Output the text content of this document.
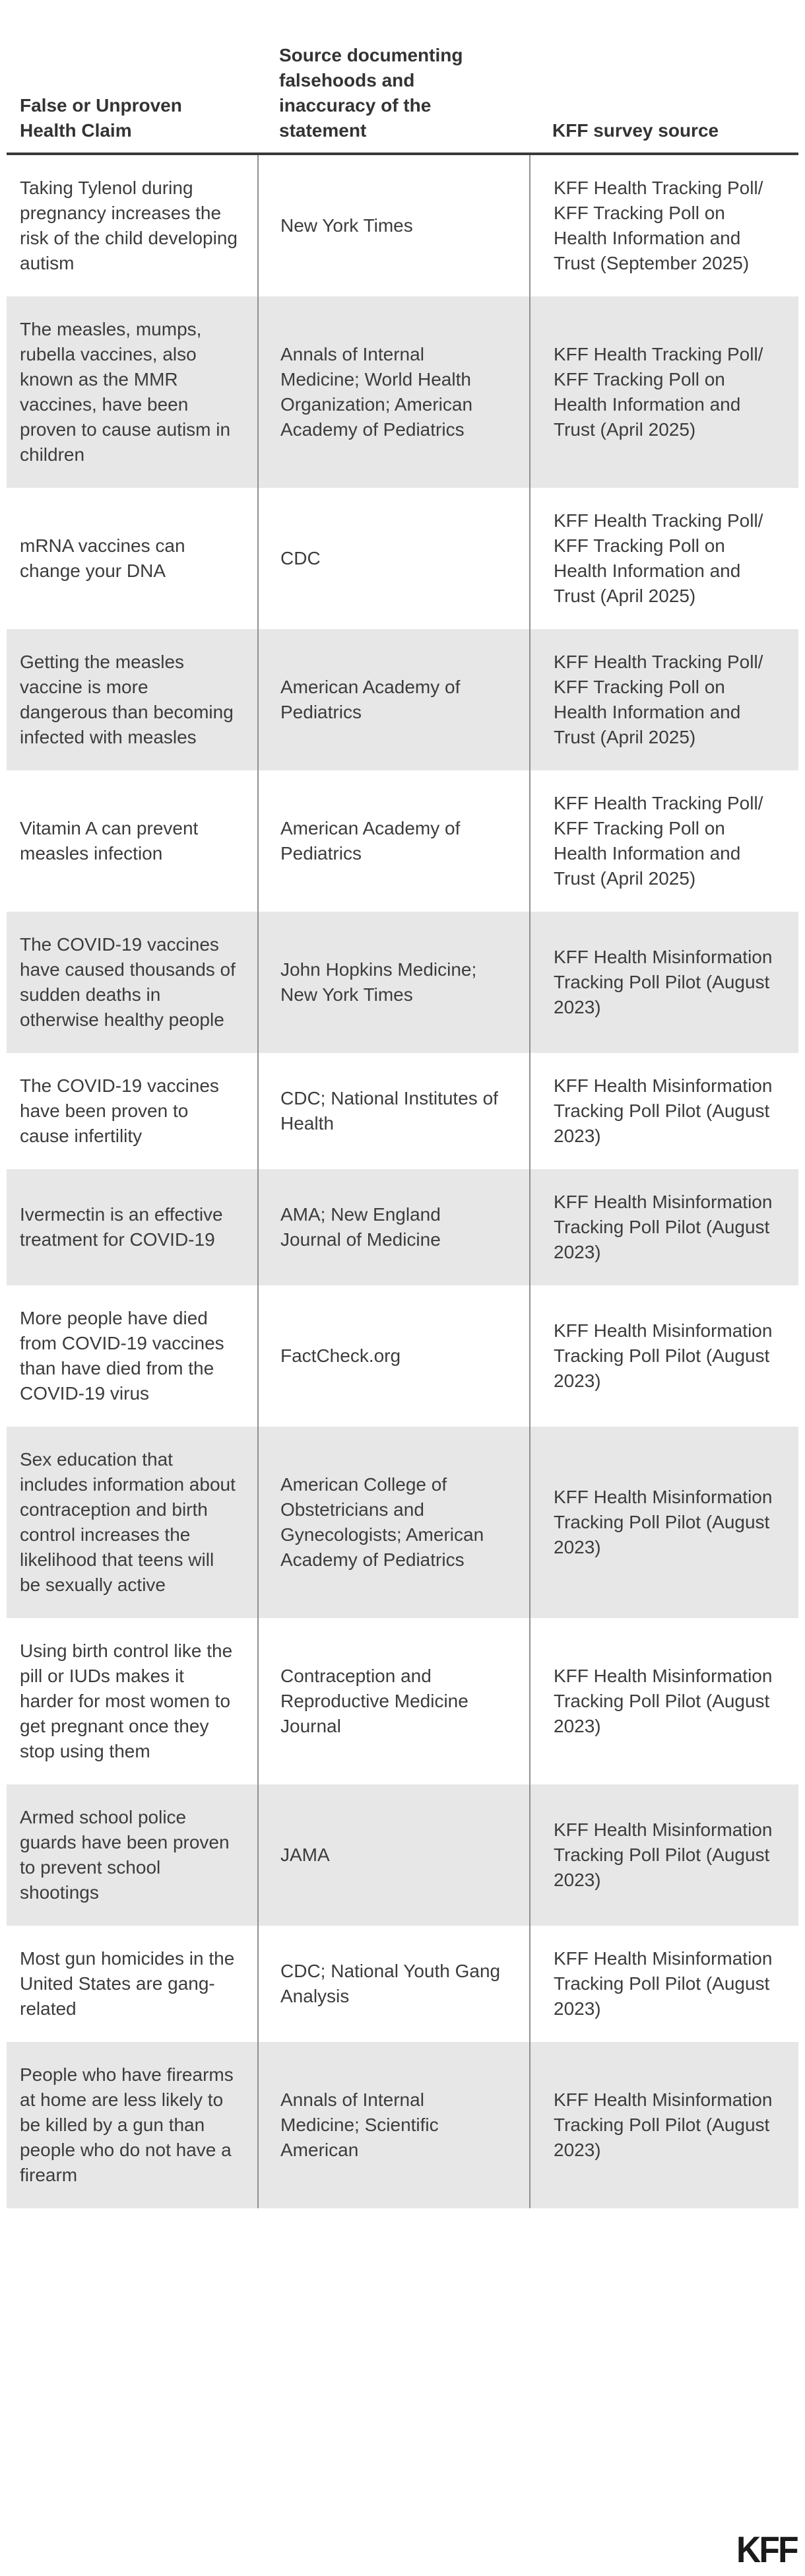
False or Unproven Health Claim
Source documenting falsehoods and inaccuracy of the statement	KFF survey source
Taking Tylenol during pregnancy increases the risk of the child developing autism
New York Times
KFF Health Tracking Poll/ KFF Tracking Poll on Health Information and Trust (September 2025)
The measles, mumps, rubella vaccines, also known as the MMR vaccines, have been proven to cause autism in children
Annals of Internal Medicine; World Health Organization; American Academy of Pediatrics
KFF Health Tracking Poll/ KFF Tracking Poll on Health Information and Trust (April 2025)
mRNA vaccines can change your DNA
CDC
KFF Health Tracking Poll/ KFF Tracking Poll on Health Information and Trust (April 2025)
Getting the measles vaccine is more dangerous than becoming infected with measles
American Academy of Pediatrics
KFF Health Tracking Poll/ KFF Tracking Poll on Health Information and Trust (April 2025)
Vitamin A can prevent measles infection
American Academy of Pediatrics
KFF Health Tracking Poll/ KFF Tracking Poll on Health Information and Trust (April 2025)
The COVID-19 vaccines have caused thousands of sudden deaths in otherwise healthy people
John Hopkins Medicine; New York Times
KFF Health Misinformation Tracking Poll Pilot (August 2023)
The COVID-19 vaccines have been proven to cause infertility
CDC; National Institutes of Health
KFF Health Misinformation Tracking Poll Pilot (August 2023)
Ivermectin is an effective treatment for COVID-19
AMA; New England Journal of Medicine
KFF Health Misinformation Tracking Poll Pilot (August 2023)
More people have died from COVID-19 vaccines than have died from the COVID-19 virus
FactCheck.org
KFF Health Misinformation Tracking Poll Pilot (August 2023)
Sex education that includes information about contraception and birth control increases the likelihood that teens will be sexually active
American College of Obstetricians and Gynecologists; American Academy of Pediatrics
KFF Health Misinformation Tracking Poll Pilot (August 2023)
Using birth control like the pill or IUDs makes it harder for most women to get pregnant once they stop using them
Contraception and Reproductive Medicine Journal
KFF Health Misinformation Tracking Poll Pilot (August 2023)
Armed school police guards have been proven to prevent school shootings
JAMA
KFF Health Misinformation Tracking Poll Pilot (August 2023)
Most gun homicides in the United States are gang-related
CDC; National Youth Gang Analysis
KFF Health Misinformation Tracking Poll Pilot (August 2023)
People who have firearms at home are less likely to be killed by a gun than people who do not have a firearm
Annals of Internal Medicine; Scientific American
KFF Health Misinformation Tracking Poll Pilot (August 2023)
KFF
